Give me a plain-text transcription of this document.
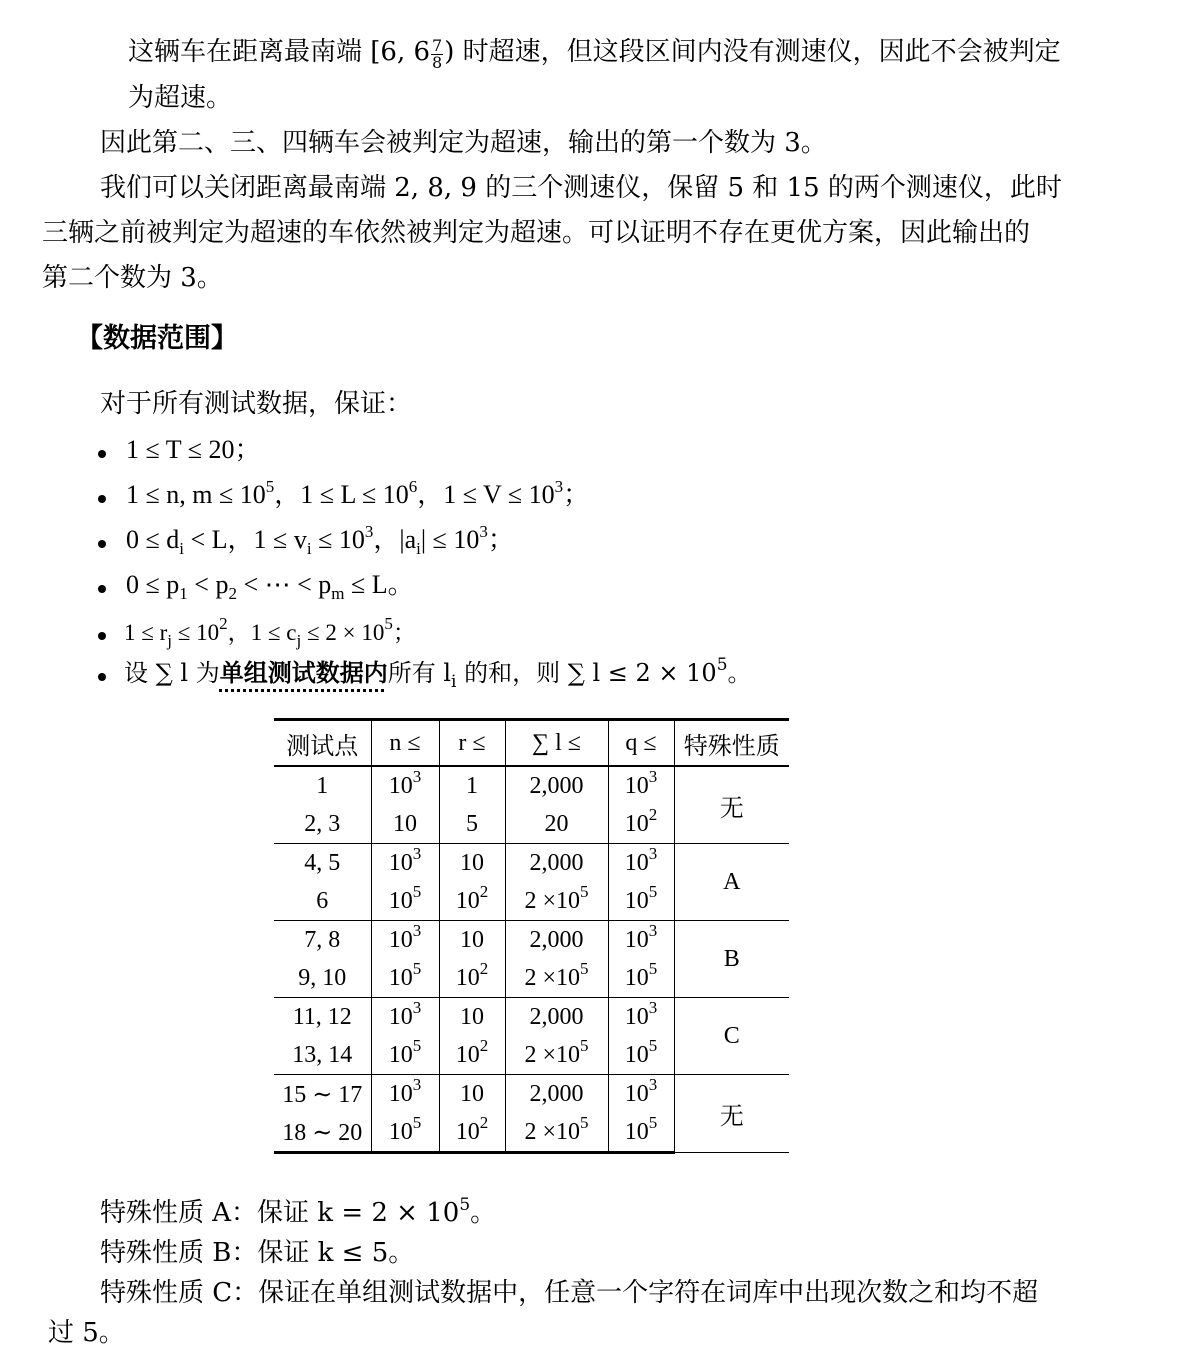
这辆车在距离最南端 [6, $6 \frac{7}{8}$ ) 时超速，但这段区间内没有测速仪，因此不会被判定
为超速。
因此第二、三、四辆车会被判定为超速，输出的第一个数为 3。
我们可以关闭距离最南端 2, 8, 9 的三个测速仪，保留 5 和 15 的两个测速仪，此时
三辆之前被判定为超速的车依然被判定为超速。可以证明不存在更优方案，因此输出的
第二个数为 3。
【数据范围】
对于所有测试数据，保证：
1 ≤ T ≤ 20；
1 ≤ n, $m \le 10^5$，$1 \le L \le 10^6$，$1 \le V \le 10^3$；
$0 \le d_i < L$，$1 \le v_i \le 10^3$，$|a_i| \le 10^3$；
$0 \le p_1 < p_2$ < ⋯ < $p_m \le L$。
$1 \le r_j \le 10^2$，$1 \le c_j \le 2 \times 10^5$；
设 ∑ l 为单组测试数据内所有 $l_i$ 的和，则 ∑ $l \le 2 \times 10^5$。
测试点	n ≤	r ≤	∑ l ≤	q ≤	特殊性质
1	$10^3$	1	2,000	$10^3$	无
2, 3	10	5	20	$10^2$
4, 5	$10^3$	10	2,000	$10^3$	A
6	$10^5$	$10^2$	$2 \times 10^5$	$10^5$
7, 8	$10^3$	10	2,000	$10^3$	B
9, 10	$10^5$	$10^2$	$2 \times 10^5$	$10^5$
11, 12	$10^3$	10	2,000	$10^3$	C
13, 14	$10^5$	$10^2$	$2 \times 10^5$	$10^5$
15 ∼ 17	$10^3$	10	2,000	$10^3$	无
18 ∼ 20	$10^5$	$10^2$	$2 \times 10^5$	$10^5$
特殊性质 A：保证 $k = 2 \times 10^5$。
特殊性质 B：保证 k ≤ 5。
特殊性质 C：保证在单组测试数据中，任意一个字符在词库中出现次数之和均不超
过 5。
